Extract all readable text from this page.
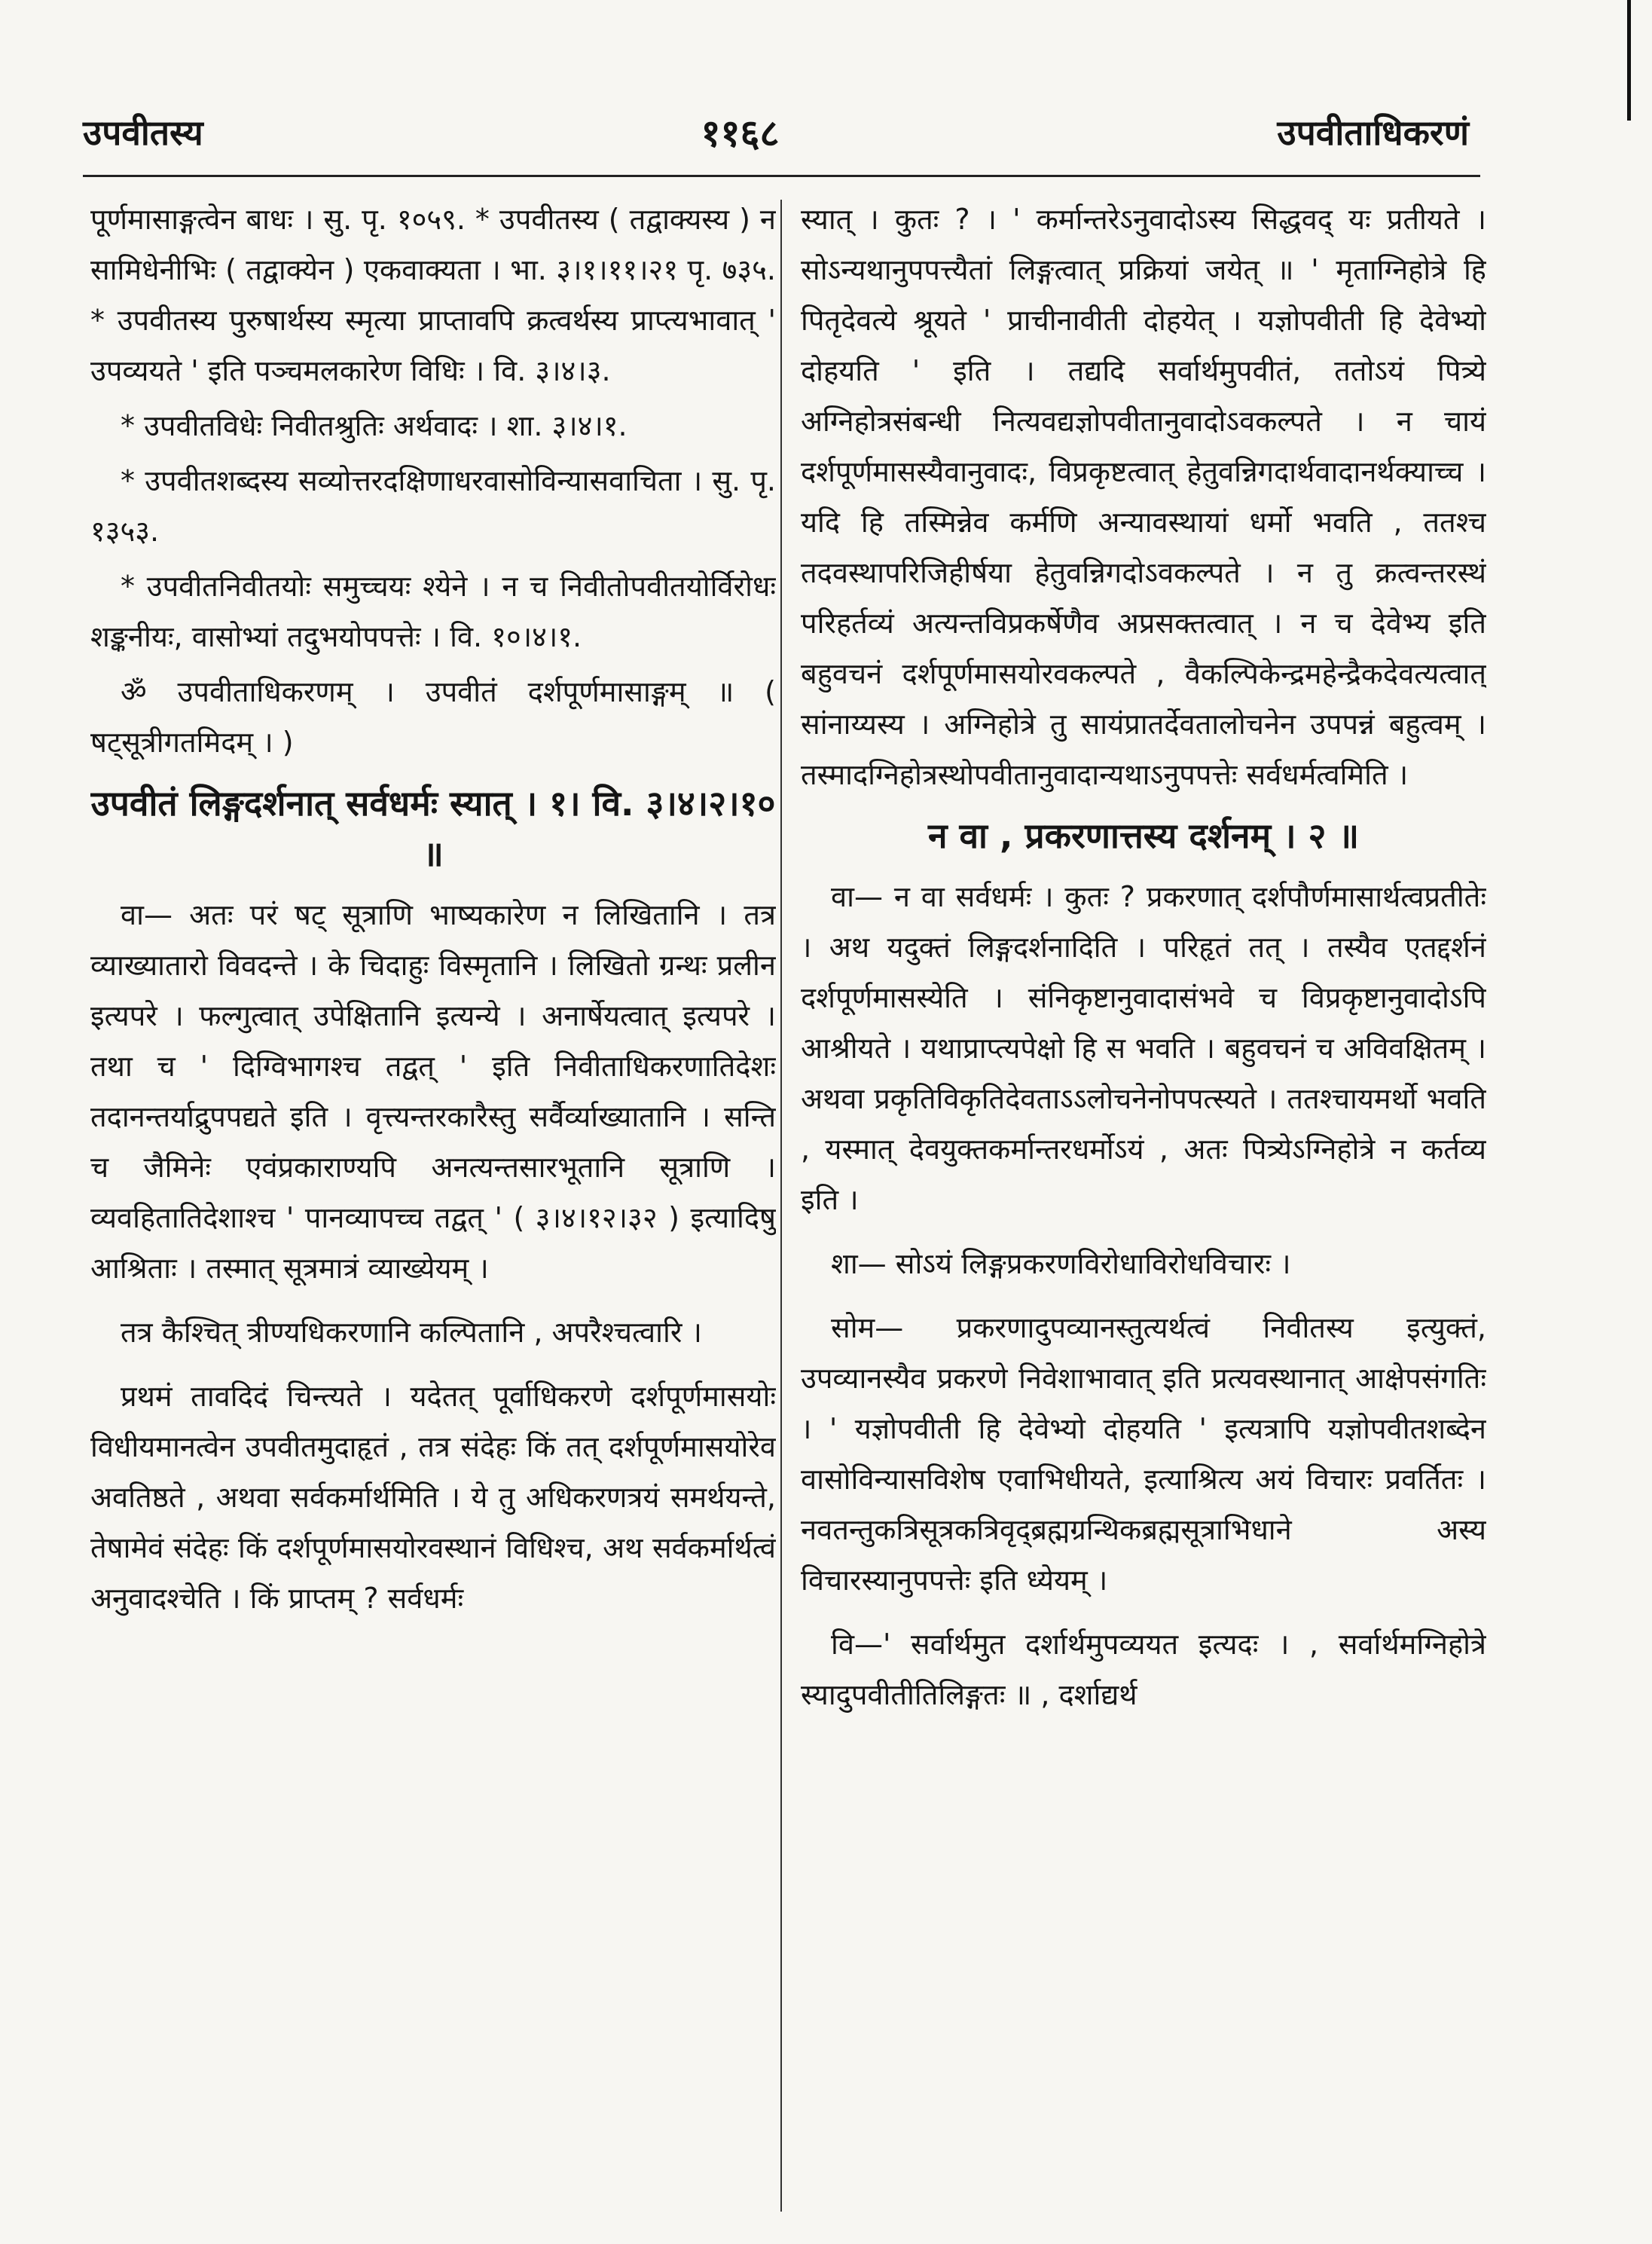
उपवीतस्य	११६८	उपवीताधिकरणं

पूर्णमासाङ्गत्वेन बाधः । सु. पृ. १०५९. * उपवीतस्य ( तद्वाक्यस्य ) न सामिधेनीभिः ( तद्वाक्येन ) एकवाक्यता । भा. ३।१।११।२१ पृ. ७३५. * उपवीतस्य पुरुषार्थस्य स्मृत्या प्राप्तावपि क्रत्वर्थस्य प्राप्त्यभावात् ' उपव्ययते ' इति पञ्चमलकारेण विधिः । वि. ३।४।३.

* उपवीतविधेः निवीतश्रुतिः अर्थवादः । शा. ३।४।१.

* उपवीतशब्दस्य सव्योत्तरदक्षिणाधरवासोविन्यासवाचिता । सु. पृ. १३५३.

* उपवीतनिवीतयोः समुच्चयः श्येने । न च निवीतोपवीतयोर्विरोधः शङ्कनीयः, वासोभ्यां तदुभयोपपत्तेः । वि. १०।४।१.

ॐ उपवीताधिकरणम् । उपवीतं दर्शपूर्णमासाङ्गम् ॥ ( षट्सूत्रीगतमिदम् । )

उपवीतं लिङ्गदर्शनात् सर्वधर्मः स्यात् । १। वि. ३।४।२।१० ॥

वा— अतः परं षट् सूत्राणि भाष्यकारेण न लिखितानि । तत्र व्याख्यातारो विवदन्ते । के चिदाहुः विस्मृतानि । लिखितो ग्रन्थः प्रलीन इत्यपरे । फल्गुत्वात् उपेक्षितानि इत्यन्ये । अनार्षेयत्वात् इत्यपरे । तथा च ' दिग्विभागश्च तद्वत् ' इति निवीताधिकरणातिदेशः तदानन्तर्याद्रुपपद्यते इति । वृत्त्यन्तरकारैस्तु सर्वैर्व्याख्यातानि । सन्ति च जैमिनेः एवंप्रकाराण्यपि अनत्यन्तसारभूतानि सूत्राणि । व्यवहितातिदेशाश्च ' पानव्यापच्च तद्वत् ' ( ३।४।१२।३२ ) इत्यादिषु आश्रिताः । तस्मात् सूत्रमात्रं व्याख्येयम् ।

तत्र कैश्चित् त्रीण्यधिकरणानि कल्पितानि , अपरैश्चत्वारि ।

प्रथमं तावदिदं चिन्त्यते । यदेतत् पूर्वाधिकरणे दर्शपूर्णमासयोः विधीयमानत्वेन उपवीतमुदाहृतं , तत्र संदेहः किं तत् दर्शपूर्णमासयोरेव अवतिष्ठते , अथवा सर्वकर्मार्थमिति । ये तु अधिकरणत्रयं समर्थयन्ते, तेषामेवं संदेहः किं दर्शपूर्णमासयोरवस्थानं विधिश्च, अथ सर्वकर्मार्थत्वं अनुवादश्चेति । किं प्राप्तम् ? सर्वधर्मः

स्यात् । कुतः ? । ' कर्मान्तरेऽनुवादोऽस्य सिद्धवद् यः प्रतीयते । सोऽन्यथानुपपत्त्यैतां लिङ्गत्वात् प्रक्रियां जयेत् ॥ ' मृताग्निहोत्रे हि पितृदेवत्ये श्रूयते ' प्राचीनावीती दोहयेत् । यज्ञोपवीती हि देवेभ्यो दोहयति ' इति । तद्यदि सर्वार्थमुपवीतं, ततोऽयं पित्र्ये अग्निहोत्रसंबन्धी नित्यवद्यज्ञोपवीतानुवादोऽवकल्पते । न चायं दर्शपूर्णमासस्यैवानुवादः, विप्रकृष्टत्वात् हेतुवन्निगदार्थवादानर्थक्याच्च । यदि हि तस्मिन्नेव कर्मणि अन्यावस्थायां धर्मो भवति , ततश्च तदवस्थापरिजिहीर्षया हेतुवन्निगदोऽवकल्पते । न तु क्रत्वन्तरस्थं परिहर्तव्यं अत्यन्तविप्रकर्षेणैव अप्रसक्तत्वात् । न च देवेभ्य इति बहुवचनं दर्शपूर्णमासयोरवकल्पते , वैकल्पिकेन्द्रमहेन्द्रैकदेवत्यत्वात् सांनाय्यस्य । अग्निहोत्रे तु सायंप्रातर्देवतालोचनेन उपपन्नं बहुत्वम् । तस्मादग्निहोत्रस्थोपवीतानुवादान्यथाऽनुपपत्तेः सर्वधर्मत्वमिति ।

न वा , प्रकरणात्तस्य दर्शनम् । २ ॥

वा— न वा सर्वधर्मः । कुतः ? प्रकरणात् दर्शपौर्णमासार्थत्वप्रतीतेः । अथ यदुक्तं लिङ्गदर्शनादिति । परिहृतं तत् । तस्यैव एतद्दर्शनं दर्शपूर्णमासस्येति । संनिकृष्टानुवादासंभवे च विप्रकृष्टानुवादोऽपि आश्रीयते । यथाप्राप्त्यपेक्षो हि स भवति । बहुवचनं च अविवक्षितम् । अथवा प्रकृतिविकृतिदेवताऽऽलोचनेनोपपत्स्यते । ततश्चायमर्थो भवति , यस्मात् देवयुक्तकर्मान्तरधर्मोऽयं , अतः पित्र्येऽग्निहोत्रे न कर्तव्य इति ।

शा— सोऽयं लिङ्गप्रकरणविरोधाविरोधविचारः ।

सोम— प्रकरणादुपव्यानस्तुत्यर्थत्वं निवीतस्य इत्युक्तं, उपव्यानस्यैव प्रकरणे निवेशाभावात् इति प्रत्यवस्थानात् आक्षेपसंगतिः । ' यज्ञोपवीती हि देवेभ्यो दोहयति ' इत्यत्रापि यज्ञोपवीतशब्देन वासोविन्यासविशेष एवाभिधीयते, इत्याश्रित्य अयं विचारः प्रवर्तितः । नवतन्तुकत्रिसूत्रकत्रिवृद्ब्रह्मग्रन्थिकब्रह्मसूत्राभिधाने अस्य विचारस्यानुपपत्तेः इति ध्येयम् ।

वि—' सर्वार्थमुत दर्शार्थमुपव्ययत इत्यदः । , सर्वार्थमग्निहोत्रे स्यादुपवीतीतिलिङ्गतः ॥ , दर्शाद्यर्थ
